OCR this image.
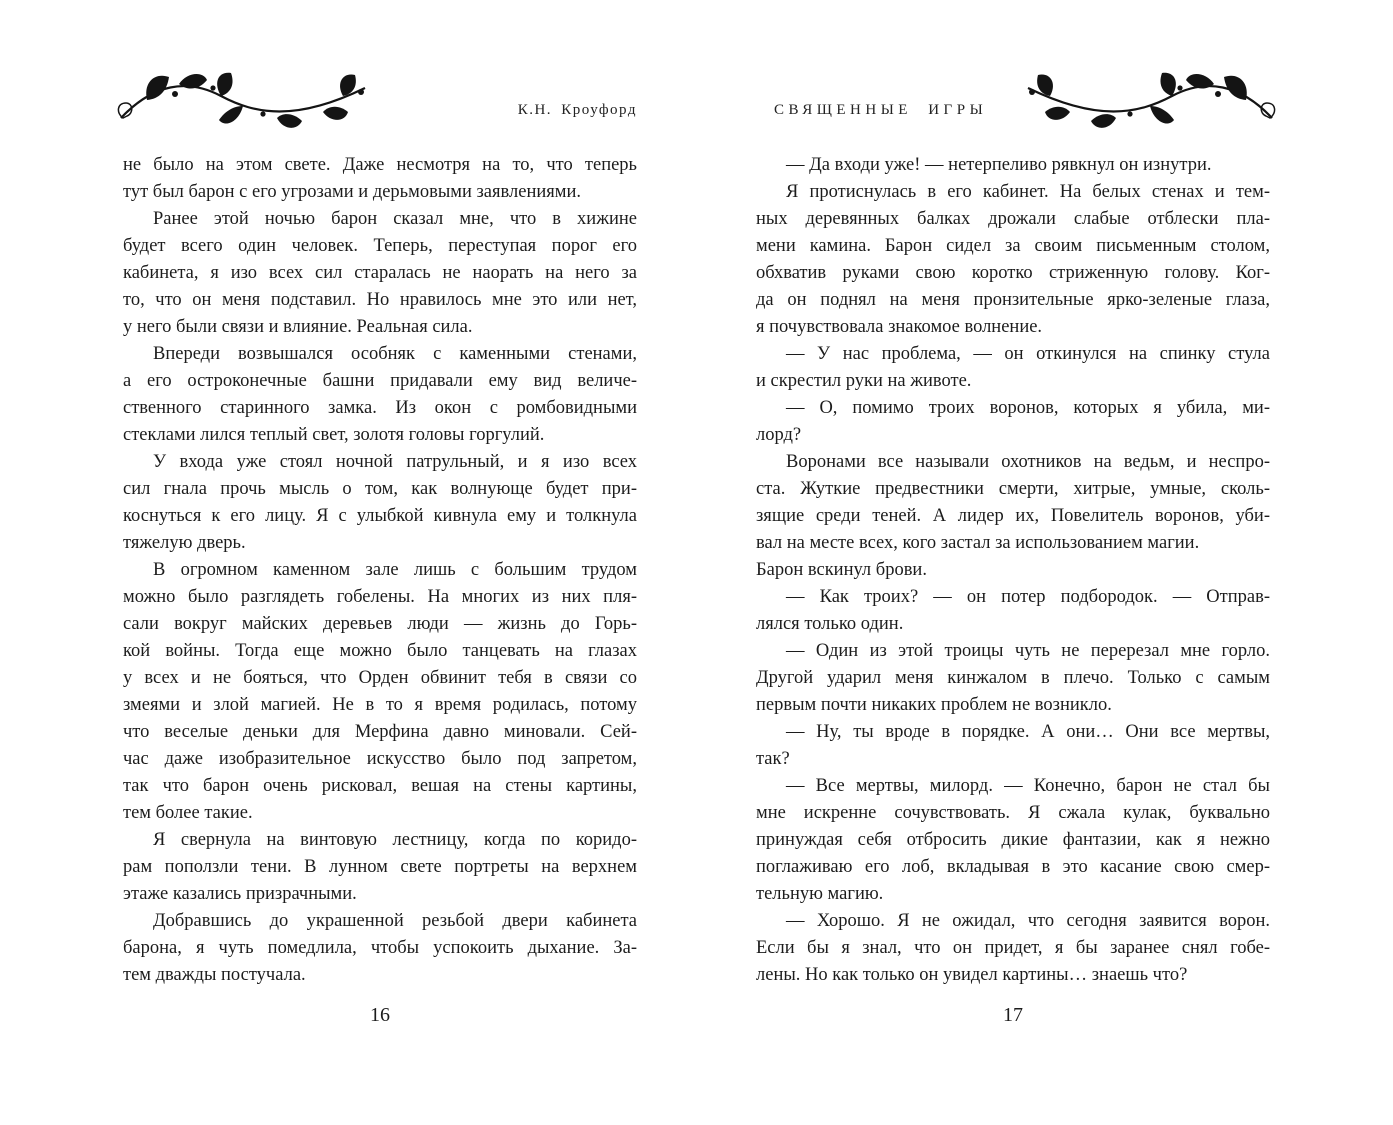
К.Н. Кроуфорд
не было на этом свете. Даже несмотря на то, что теперь
тут был барон с его угрозами и дерьмовыми заявлениями.
Ранее этой ночью барон сказал мне, что в хижине
будет всего один человек. Теперь, переступая порог его
кабинета, я изо всех сил старалась не наорать на него за
то, что он меня подставил. Но нравилось мне это или нет,
у него были связи и влияние. Реальная сила.
Впереди возвышался особняк с каменными стенами,
а его остроконечные башни придавали ему вид величе-
ственного старинного замка. Из окон с ромбовидными
стеклами лился теплый свет, золотя головы горгулий.
У входа уже стоял ночной патрульный, и я изо всех
сил гнала прочь мысль о том, как волнующе будет при-
коснуться к его лицу. Я с улыбкой кивнула ему и толкнула
тяжелую дверь.
В огромном каменном зале лишь с большим трудом
можно было разглядеть гобелены. На многих из них пля-
сали вокруг майских деревьев люди — жизнь до Горь-
кой войны. Тогда еще можно было танцевать на глазах
у всех и не бояться, что Орден обвинит тебя в связи со
змеями и злой магией. Не в то я время родилась, потому
что веселые деньки для Мерфина давно миновали. Сей-
час даже изобразительное искусство было под запретом,
так что барон очень рисковал, вешая на стены картины,
тем более такие.
Я свернула на винтовую лестницу, когда по коридо-
рам поползли тени. В лунном свете портреты на верхнем
этаже казались призрачными.
Добравшись до украшенной резьбой двери кабинета
барона, я чуть помедлила, чтобы успокоить дыхание. За-
тем дважды постучала.
16
СВЯЩЕННЫЕ ИГРЫ
— Да входи уже! — нетерпеливо рявкнул он изнутри.
Я протиснулась в его кабинет. На белых стенах и тем-
ных деревянных балках дрожали слабые отблески пла-
мени камина. Барон сидел за своим письменным столом,
обхватив руками свою коротко стриженную голову. Ког-
да он поднял на меня пронзительные ярко-зеленые глаза,
я почувствовала знакомое волнение.
— У нас проблема, — он откинулся на спинку стула
и скрестил руки на животе.
— О, помимо троих воронов, которых я убила, ми-
лорд?
Воронами все называли охотников на ведьм, и неспро-
ста. Жуткие предвестники смерти, хитрые, умные, сколь-
зящие среди теней. А лидер их, Повелитель воронов, уби-
вал на месте всех, кого застал за использованием магии.
Барон вскинул брови.
— Как троих? — он потер подбородок. — Отправ-
лялся только один.
— Один из этой троицы чуть не перерезал мне горло.
Другой ударил меня кинжалом в плечо. Только с самым
первым почти никаких проблем не возникло.
— Ну, ты вроде в порядке. А они… Они все мертвы,
так?
— Все мертвы, милорд. — Конечно, барон не стал бы
мне искренне сочувствовать. Я сжала кулак, буквально
принуждая себя отбросить дикие фантазии, как я нежно
поглаживаю его лоб, вкладывая в это касание свою смер-
тельную магию.
— Хорошо. Я не ожидал, что сегодня заявится ворон.
Если бы я знал, что он придет, я бы заранее снял гобе-
лены. Но как только он увидел картины… знаешь что?
17
